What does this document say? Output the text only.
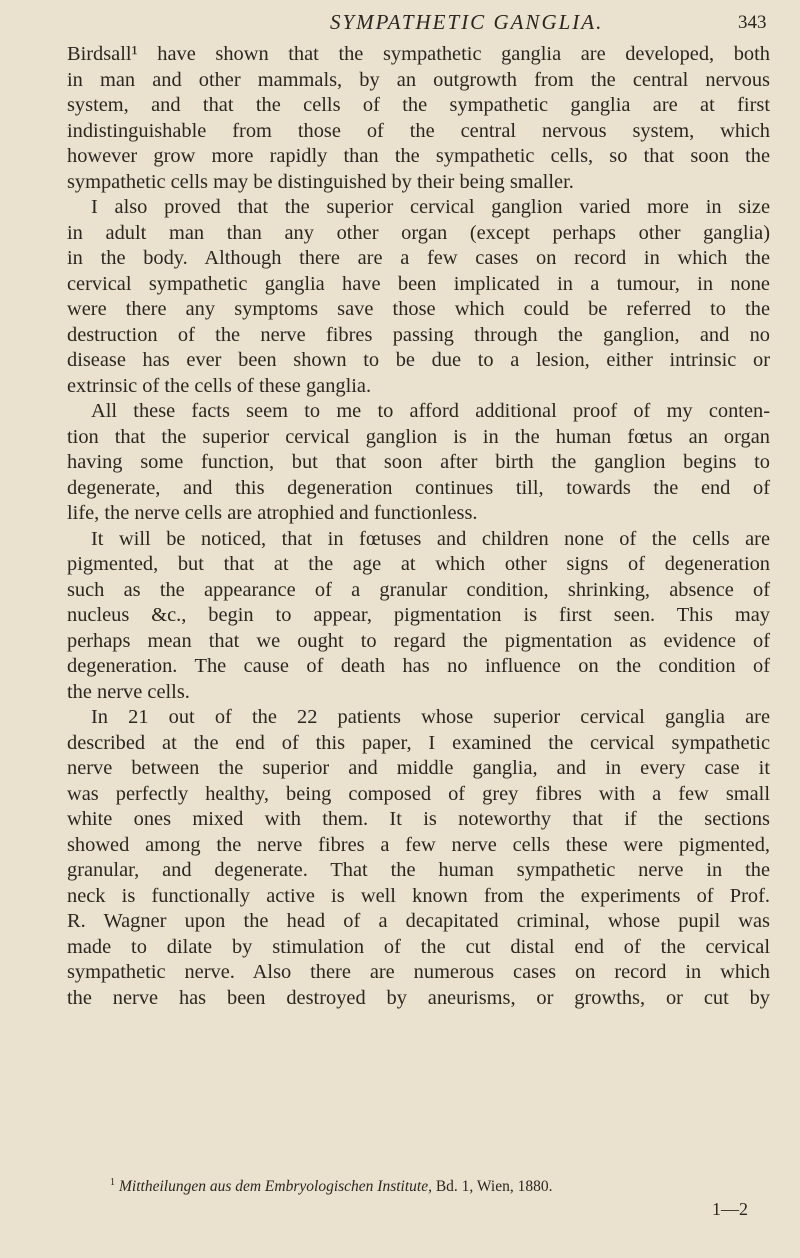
SYMPATHETIC GANGLIA.	343
Birdsall¹ have shown that the sympathetic ganglia are developed, both
in man and other mammals, by an outgrowth from the central nervous
system, and that the cells of the sympathetic ganglia are at first
indistinguishable from those of the central nervous system, which
however grow more rapidly than the sympathetic cells, so that soon the
sympathetic cells may be distinguished by their being smaller.
I also proved that the superior cervical ganglion varied more in size
in adult man than any other organ (except perhaps other ganglia)
in the body. Although there are a few cases on record in which the
cervical sympathetic ganglia have been implicated in a tumour, in none
were there any symptoms save those which could be referred to the
destruction of the nerve fibres passing through the ganglion, and no
disease has ever been shown to be due to a lesion, either intrinsic or
extrinsic of the cells of these ganglia.
All these facts seem to me to afford additional proof of my conten-
tion that the superior cervical ganglion is in the human fœtus an organ
having some function, but that soon after birth the ganglion begins to
degenerate, and this degeneration continues till, towards the end of
life, the nerve cells are atrophied and functionless.
It will be noticed, that in fœtuses and children none of the cells are
pigmented, but that at the age at which other signs of degeneration
such as the appearance of a granular condition, shrinking, absence of
nucleus &c., begin to appear, pigmentation is first seen. This may
perhaps mean that we ought to regard the pigmentation as evidence of
degeneration. The cause of death has no influence on the condition of
the nerve cells.
In 21 out of the 22 patients whose superior cervical ganglia are
described at the end of this paper, I examined the cervical sympathetic
nerve between the superior and middle ganglia, and in every case it
was perfectly healthy, being composed of grey fibres with a few small
white ones mixed with them. It is noteworthy that if the sections
showed among the nerve fibres a few nerve cells these were pigmented,
granular, and degenerate. That the human sympathetic nerve in the
neck is functionally active is well known from the experiments of Prof.
R. Wagner upon the head of a decapitated criminal, whose pupil was
made to dilate by stimulation of the cut distal end of the cervical
sympathetic nerve. Also there are numerous cases on record in which
the nerve has been destroyed by aneurisms, or growths, or cut by
$^1$ Mittheilungen aus dem Embryologischen Institute, Bd. 1, Wien, 1880.
1—2
